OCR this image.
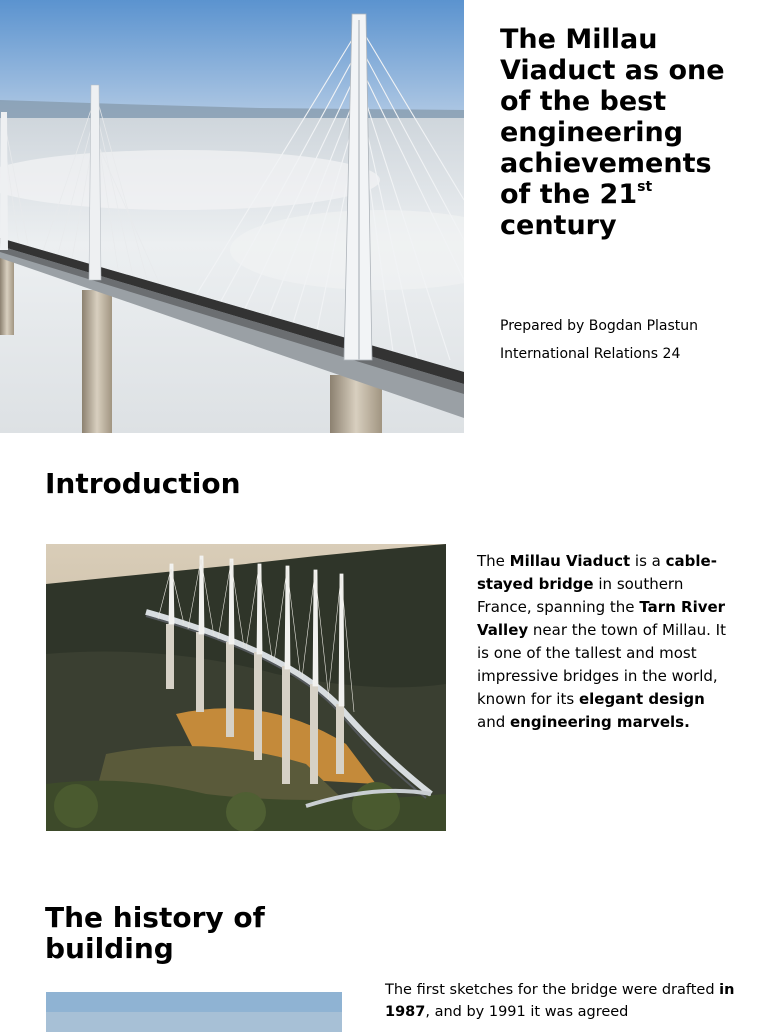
The Millau Viaduct as one of the best engineering achievements of the 21st century
Prepared by Bogdan Plastun
International Relations 24
Introduction
The Millau Viaduct is a cable-stayed bridge in southern France, spanning the Tarn River Valley near the town of Millau. It is one of the tallest and most impressive bridges in the world, known for its elegant design and engineering marvels.
The history of building
The first sketches for the bridge were drafted in 1987, and by 1991 it was agreed
